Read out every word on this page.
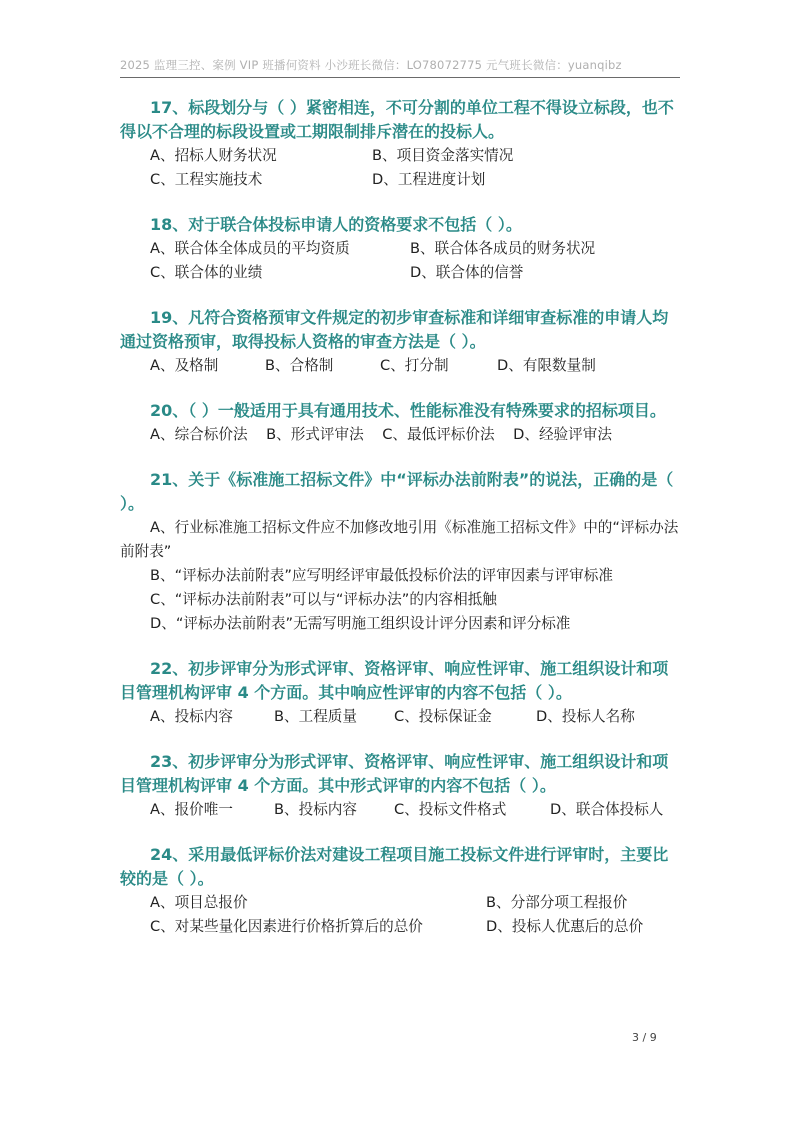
2025 监理三控、案例 VIP 班播何资料 小沙班长微信：LO78072775 元气班长微信：yuanqibz

17、标段划分与（ ）紧密相连，不可分割的单位工程不得设立标段，也不得以不合理的标段设置或工期限制排斥潜在的投标人。

A、招标人财务状况	B、项目资金落实情况
C、工程实施技术	D、工程进度计划

18、对于联合体投标申请人的资格要求不包括（ ）。

A、联合体全体成员的平均资质	B、联合体各成员的财务状况
C、联合体的业绩	D、联合体的信誉

19、凡符合资格预审文件规定的初步审查标准和详细审查标准的申请人均通过资格预审，取得投标人资格的审查方法是（ ）。

A、及格制	B、合格制	C、打分制	D、有限数量制

20、（ ）一般适用于具有通用技术、性能标准没有特殊要求的招标项目。

A、综合标价法    B、形式评审法    C、最低评标价法    D、经验评审法

21、关于《标准施工招标文件》中“评标办法前附表”的说法，正确的是（ ）。

A、行业标准施工招标文件应不加修改地引用《标准施工招标文件》中的“评标办法前附表”
B、“评标办法前附表”应写明经评审最低投标价法的评审因素与评审标准
C、“评标办法前附表”可以与“评标办法”的内容相抵触
D、“评标办法前附表”无需写明施工组织设计评分因素和评分标准

22、初步评审分为形式评审、资格评审、响应性评审、施工组织设计和项目管理机构评审 4 个方面。其中响应性评审的内容不包括（ ）。

A、投标内容	B、工程质量	C、投标保证金	D、投标人名称

23、初步评审分为形式评审、资格评审、响应性评审、施工组织设计和项目管理机构评审 4 个方面。其中形式评审的内容不包括（ ）。

A、报价唯一	B、投标内容	C、投标文件格式	D、联合体投标人

24、采用最低评标价法对建设工程项目施工投标文件进行评审时，主要比较的是（ ）。

A、项目总报价	B、分部分项工程报价
C、对某些量化因素进行价格折算后的总价	D、投标人优惠后的总价
3 / 9
